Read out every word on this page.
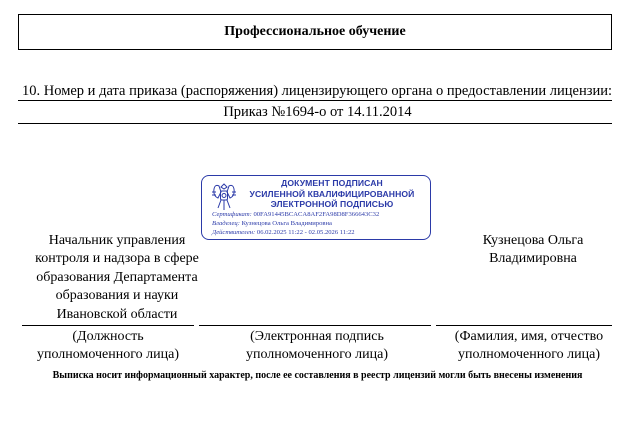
Профессиональное обучение
10. Номер и дата приказа (распоряжения) лицензирующего органа о предоставлении лицензии:
Приказ №1694-о от 14.11.2014
ДОКУМЕНТ ПОДПИСАН
УСИЛЕННОЙ КВАЛИФИЦИРОВАННОЙ
ЭЛЕКТРОННОЙ ПОДПИСЬЮ
Сертификат: 00FA91445BCACA8AF2FA98D8F366643C32
Владелец: Кузнецова Ольга Владимировна
Действителен: 06.02.2025 11:22 - 02.05.2026 11:22
Начальник управления контроля и надзора в сфере образования Департамента образования и науки Ивановской области
Кузнецова Ольга Владимировна
(Должность уполномоченного лица)
(Электронная подпись уполномоченного лица)
(Фамилия, имя, отчество уполномоченного лица)
Выписка носит информационный характер, после ее составления в реестр лицензий могли быть внесены изменения
